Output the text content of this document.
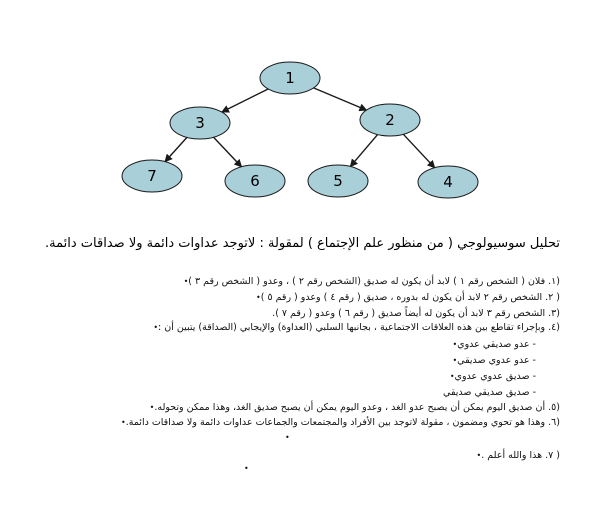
1
2
3
4
5
6
7
تحليل سوسيولوجي ( من منظور علم الإجتماع ) لمقولة : لاتوجد عداوات دائمة ولا صداقات دائمة.
(١. فلان ( الشخص رقم ١ ) لابد أن يكون له صديق (الشخص رقم ٢ ) ، وعدو ( الشخص رقم ٣ )•
( ٢. الشخص رقم ٢ لابد أن يكون له بدوره ، صديق ( رقم ٤ ) وعدو ( رقم ٥ )•
(٣. الشخص رقم ٣ لابد أن يكون له أيضاً صديق ( رقم ٦ ) وعدو ( رقم ٧ ).
(٤. وبإجراء تقاطع بين هذه العلاقات الاجتماعية ، بجانبها السلبي (العداوة) والإيجابي (الصداقة) يتبين أن :•
- عدو صديقي عدوي•
- عدو عدوي صديقي•
- صديق عدوي عدوي•
- صديق صديقي صديقي
(٥. أن صديق اليوم يمكن أن يصبح عدو الغد ، وعدو اليوم يمكن أن يصبح صديق الغد، وهذا ممكن وتحوله.•
(٦. وهذا هو تحوي ومضمون ، مقولة لاتوجد بين الأفراد والمجتمعات والجماعات عداوات دائمة ولا صداقات دائمة.•
( ٧. هذا والله أعلم .•
•
•
